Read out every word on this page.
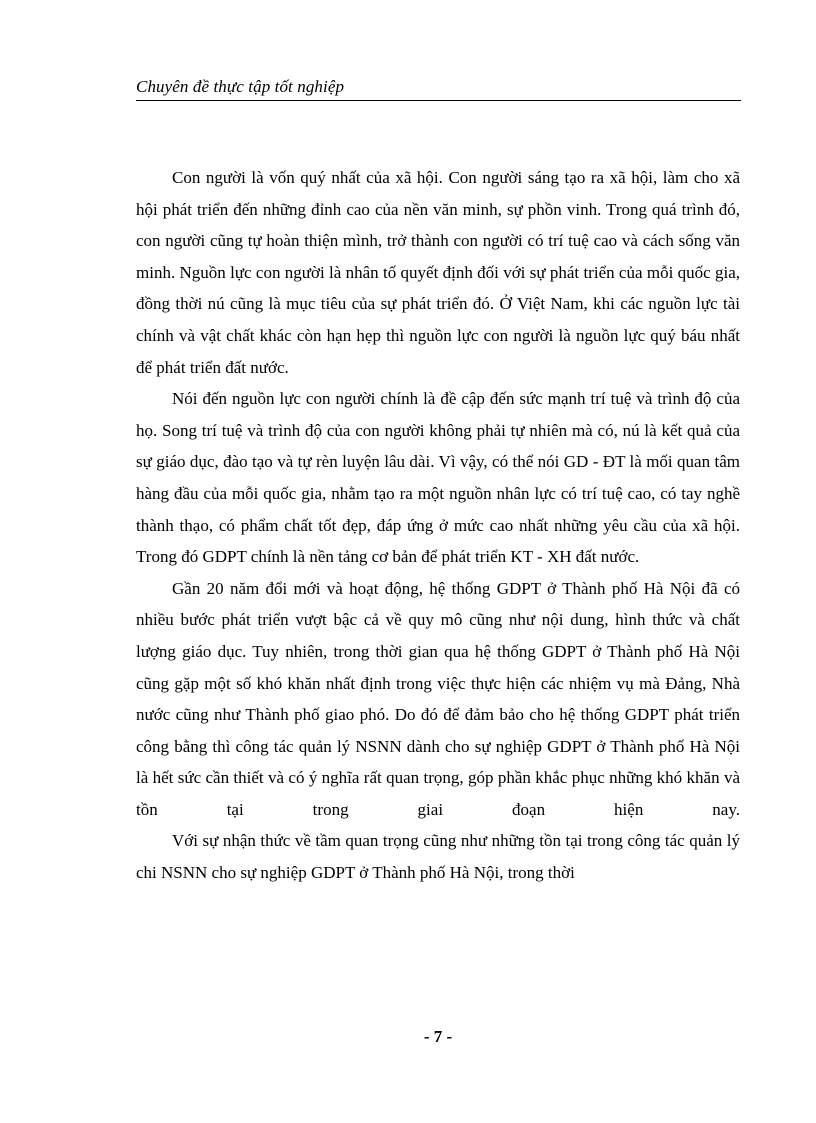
Chuyên đề thực tập tốt nghiệp

Con người là vốn quý nhất của xã hội. Con người sáng tạo ra xã hội, làm cho xã hội phát triển đến những đỉnh cao của nền văn minh, sự phồn vinh. Trong quá trình đó, con người cũng tự hoàn thiện mình, trở thành con người có trí tuệ cao và cách sống văn minh. Nguồn lực con người là nhân tố quyết định đối với sự phát triển của mỗi quốc gia, đồng thời nú cũng là mục tiêu của sự phát triển đó. Ở Việt Nam, khi các nguồn lực tài chính và vật chất khác còn hạn hẹp thì nguồn lực con người là nguồn lực quý báu nhất để phát triển đất nước.

Nói đến nguồn lực con người chính là đề cập đến sức mạnh trí tuệ và trình độ của họ. Song trí tuệ và trình độ của con người không phải tự nhiên mà có, nú là kết quả của sự giáo dục, đào tạo và tự rèn luyện lâu dài. Vì vậy, có thể nói GD - ĐT là mối quan tâm hàng đầu của mỗi quốc gia, nhằm tạo ra một nguồn nhân lực có trí tuệ cao, có tay nghề thành thạo, có phẩm chất tốt đẹp, đáp ứng ở mức cao nhất những yêu cầu của xã hội. Trong đó GDPT chính là nền tảng cơ bản để phát triển KT - XH đất nước.

Gần 20 năm đổi mới và hoạt động, hệ thống GDPT ở Thành phố Hà Nội đã có nhiều bước phát triển vượt bậc cả về quy mô cũng như nội dung, hình thức và chất lượng giáo dục. Tuy nhiên, trong thời gian qua hệ thống GDPT ở Thành phố Hà Nội cũng gặp một số khó khăn nhất định trong việc thực hiện các nhiệm vụ mà Đảng, Nhà nước cũng như Thành phố giao phó. Do đó để đảm bảo cho hệ thống GDPT phát triển công bằng thì công tác quản lý NSNN dành cho sự nghiệp GDPT ở Thành phố Hà Nội là hết sức cần thiết và có ý nghĩa rất quan trọng, góp phần khắc phục những khó khăn và tồn tại trong giai đoạn hiện nay.

Với sự nhận thức về tầm quan trọng cũng như những tồn tại trong công tác quản lý chi NSNN cho sự nghiệp GDPT ở Thành phố Hà Nội, trong thời

- 7 -
